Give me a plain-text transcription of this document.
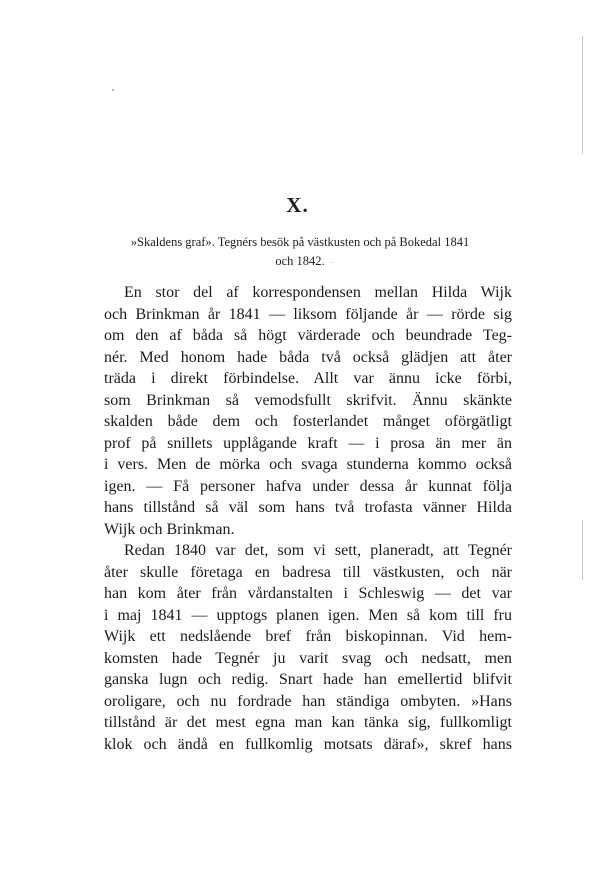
X.
»Skaldens graf». Tegnérs besök på västkusten och på Bokedal 1841
och 1842.
En stor del af korrespondensen mellan Hilda Wijk
och Brinkman år 1841 — liksom följande år — rörde sig
om den af båda så högt värderade och beundrade Teg-
nér. Med honom hade båda två också glädjen att åter
träda i direkt förbindelse. Allt var ännu icke förbi,
som Brinkman så vemodsfullt skrifvit. Ännu skänkte
skalden både dem och fosterlandet månget oförgätligt
prof på snillets upplågande kraft — i prosa än mer än
i vers. Men de mörka och svaga stunderna kommo också
igen. — Få personer hafva under dessa år kunnat följa
hans tillstånd så väl som hans två trofasta vänner Hilda
Wijk och Brinkman.
Redan 1840 var det, som vi sett, planeradt, att Tegnér
åter skulle företaga en badresa till västkusten, och när
han kom åter från vårdanstalten i Schleswig — det var
i maj 1841 — upptogs planen igen. Men så kom till fru
Wijk ett nedslående bref från biskopinnan. Vid hem-
komsten hade Tegnér ju varit svag och nedsatt, men
ganska lugn och redig. Snart hade han emellertid blifvit
oroligare, och nu fordrade han ständiga ombyten. »Hans
tillstånd är det mest egna man kan tänka sig, fullkomligt
klok och ändå en fullkomlig motsats däraf», skref hans
